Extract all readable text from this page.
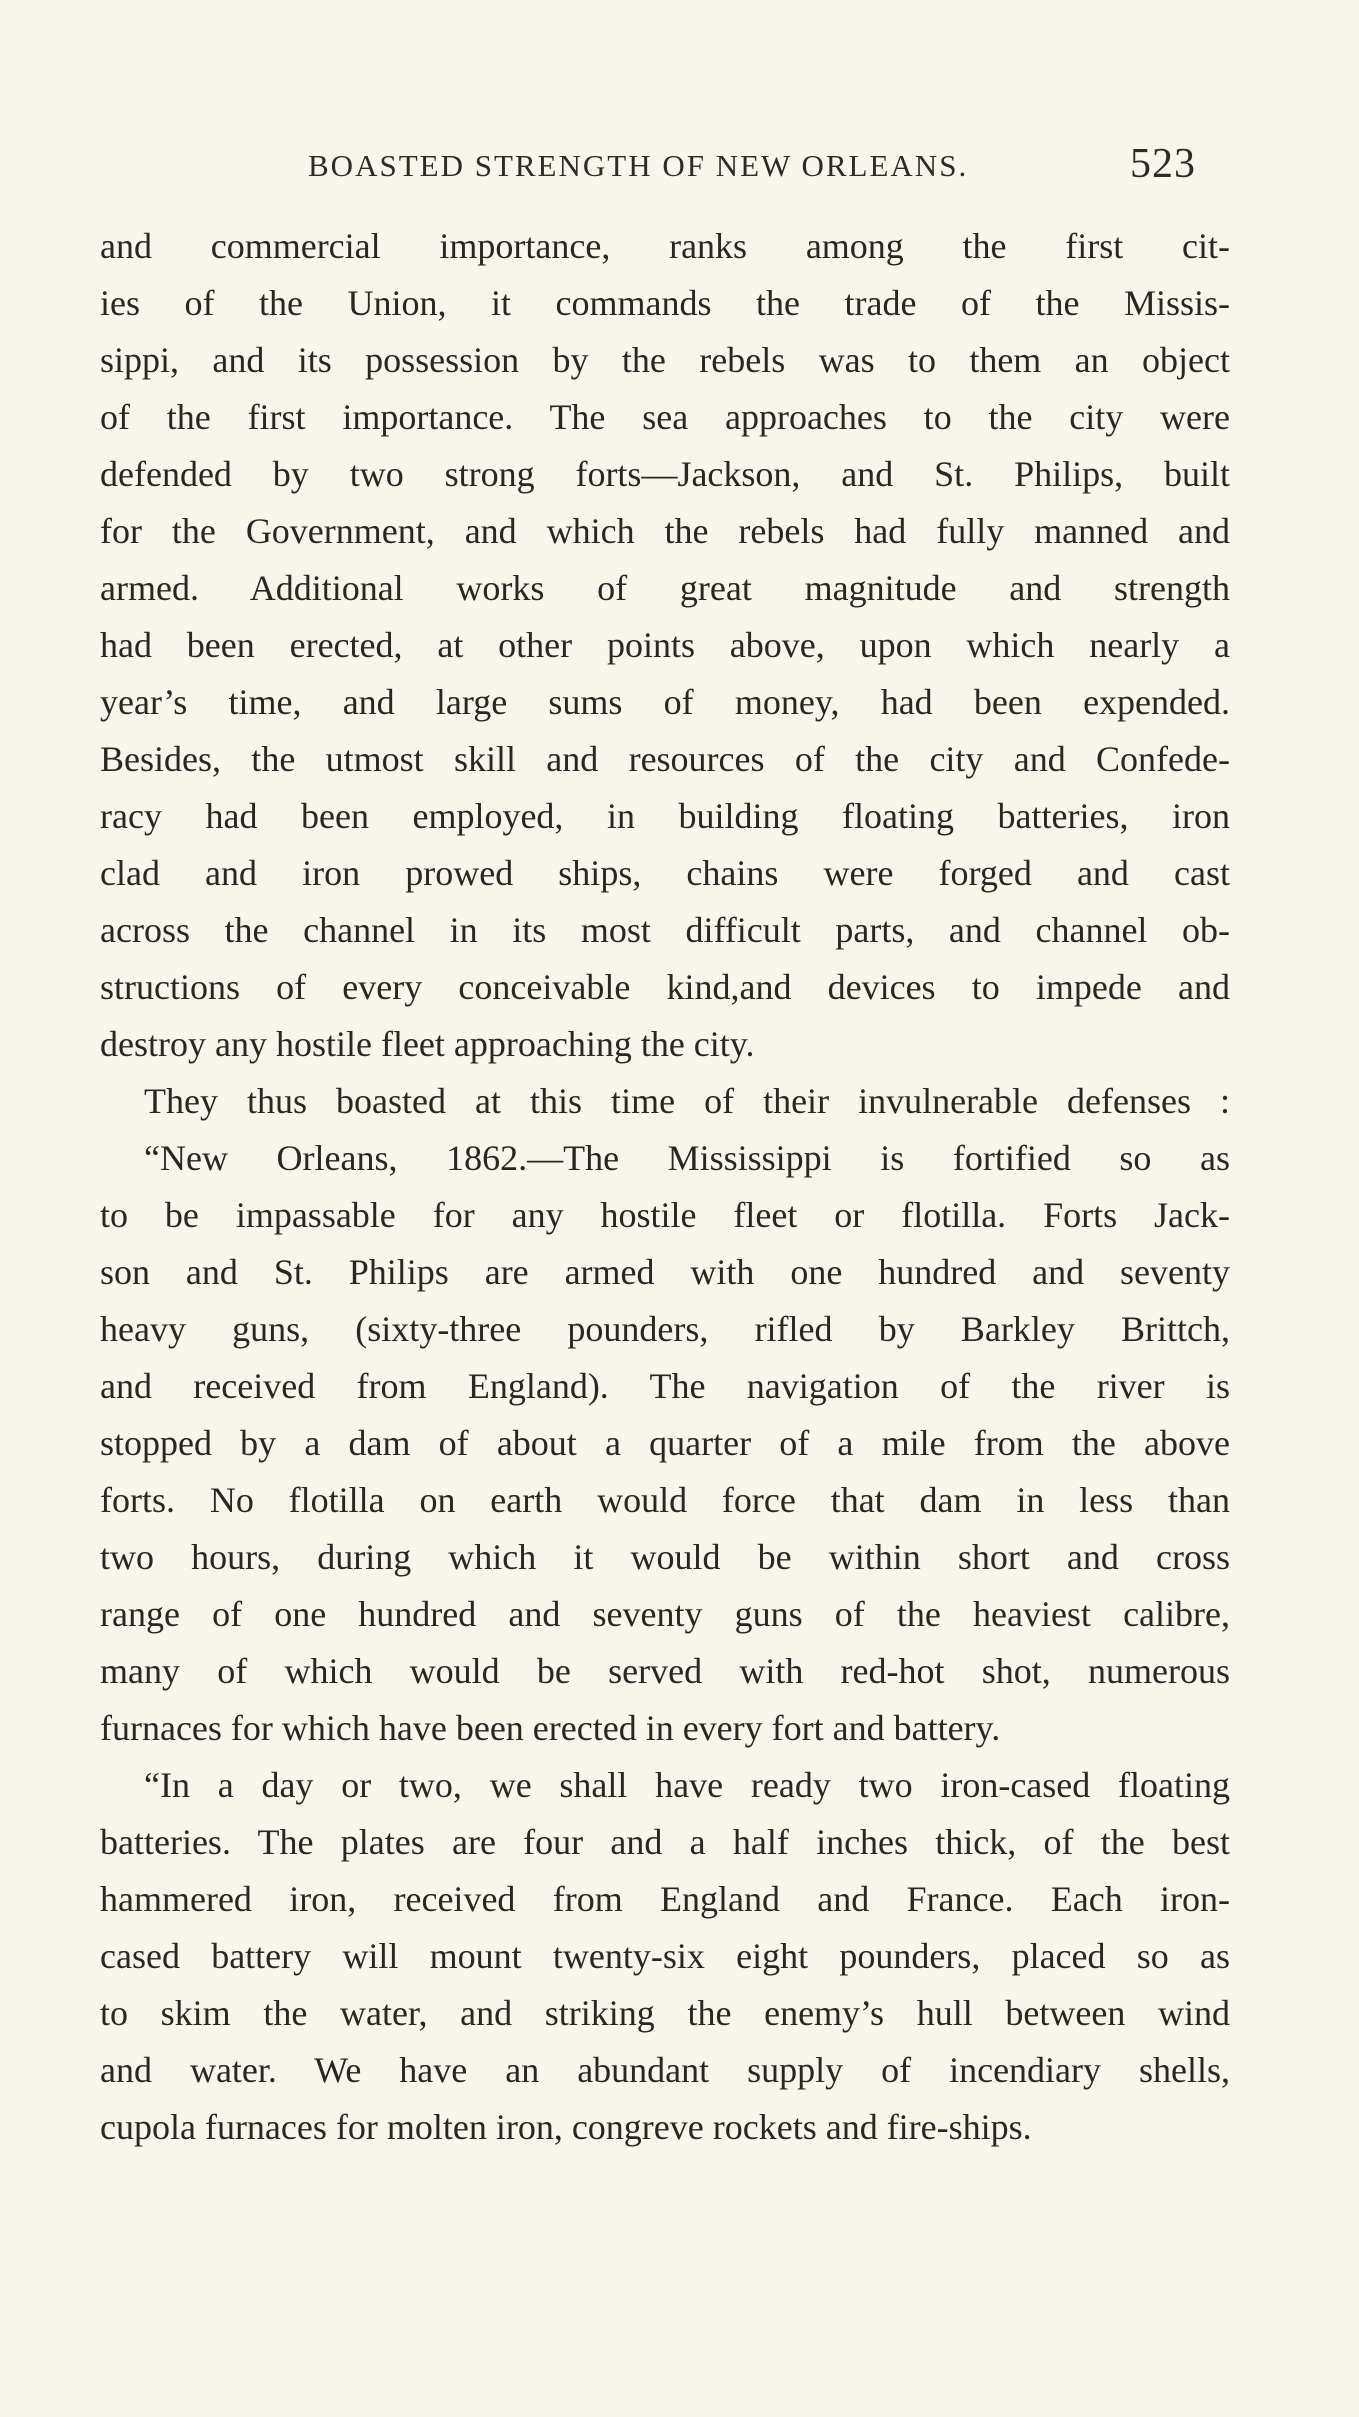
BOASTED STRENGTH OF NEW ORLEANS.	523
and commercial importance, ranks among the first cit-
ies of the Union, it commands the trade of the Missis-
sippi, and its possession by the rebels was to them an object
of the first importance. The sea approaches to the city were
defended by two strong forts—Jackson, and St. Philips, built
for the Government, and which the rebels had fully manned and
armed. Additional works of great magnitude and strength
had been erected, at other points above, upon which nearly a
year’s time, and large sums of money, had been expended.
Besides, the utmost skill and resources of the city and Confede-
racy had been employed, in building floating batteries, iron
clad and iron prowed ships, chains were forged and cast
across the channel in its most difficult parts, and channel ob-
structions of every conceivable kind,and devices to impede and
destroy any hostile fleet approaching the city.
They thus boasted at this time of their invulnerable defenses :
“New Orleans, 1862.—The Mississippi is fortified so as
to be impassable for any hostile fleet or flotilla. Forts Jack-
son and St. Philips are armed with one hundred and seventy
heavy guns, (sixty-three pounders, rifled by Barkley Brittch,
and received from England). The navigation of the river is
stopped by a dam of about a quarter of a mile from the above
forts. No flotilla on earth would force that dam in less than
two hours, during which it would be within short and cross
range of one hundred and seventy guns of the heaviest calibre,
many of which would be served with red-hot shot, numerous
furnaces for which have been erected in every fort and battery.
“In a day or two, we shall have ready two iron-cased floating
batteries. The plates are four and a half inches thick, of the best
hammered iron, received from England and France. Each iron-
cased battery will mount twenty-six eight pounders, placed so as
to skim the water, and striking the enemy’s hull between wind
and water. We have an abundant supply of incendiary shells,
cupola furnaces for molten iron, congreve rockets and fire-ships.
